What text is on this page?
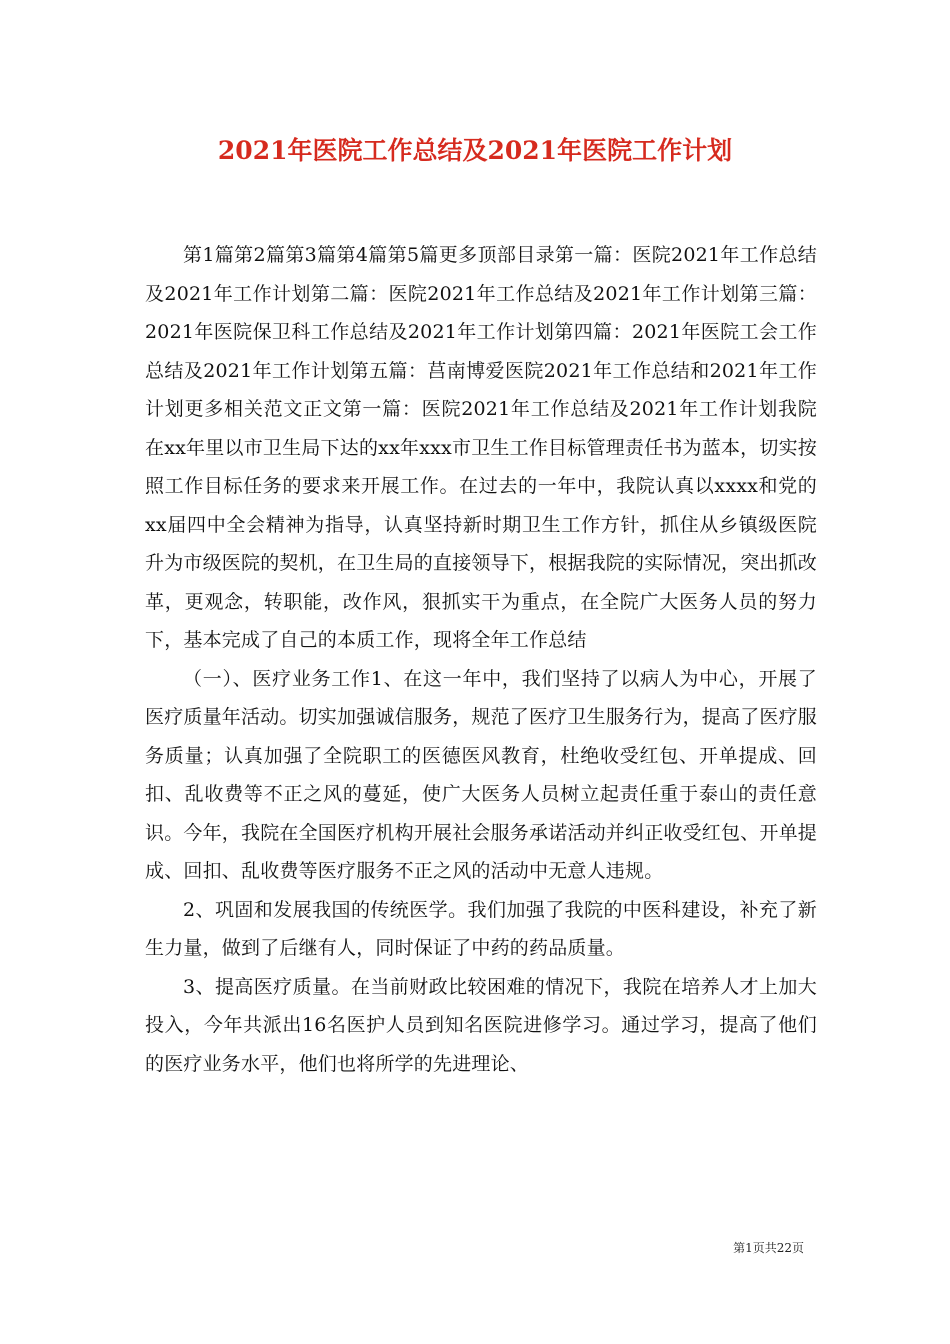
2021年医院工作总结及2021年医院工作计划

第1篇第2篇第3篇第4篇第5篇更多顶部目录第一篇：医院2021年工作总结及2021年工作计划第二篇：医院2021年工作总结及2021年工作计划第三篇：2021年医院保卫科工作总结及2021年工作计划第四篇：2021年医院工会工作总结及2021年工作计划第五篇：莒南博爱医院2021年工作总结和2021年工作计划更多相关范文正文第一篇：医院2021年工作总结及2021年工作计划我院在xx年里以市卫生局下达的xx年xxx市卫生工作目标管理责任书为蓝本，切实按照工作目标任务的要求来开展工作。在过去的一年中，我院认真以xxxx和党的xx届四中全会精神为指导，认真坚持新时期卫生工作方针，抓住从乡镇级医院升为市级医院的契机，在卫生局的直接领导下，根据我院的实际情况，突出抓改革，更观念，转职能，改作风，狠抓实干为重点，在全院广大医务人员的努力下，基本完成了自己的本质工作，现将全年工作总结

（一）、医疗业务工作1、在这一年中，我们坚持了以病人为中心，开展了医疗质量年活动。切实加强诚信服务，规范了医疗卫生服务行为，提高了医疗服务质量；认真加强了全院职工的医德医风教育，杜绝收受红包、开单提成、回扣、乱收费等不正之风的蔓延，使广大医务人员树立起责任重于泰山的责任意识。今年，我院在全国医疗机构开展社会服务承诺活动并纠正收受红包、开单提成、回扣、乱收费等医疗服务不正之风的活动中无意人违规。

2、巩固和发展我国的传统医学。我们加强了我院的中医科建设，补充了新生力量，做到了后继有人，同时保证了中药的药品质量。

3、提高医疗质量。在当前财政比较困难的情况下，我院在培养人才上加大投入，今年共派出16名医护人员到知名医院进修学习。通过学习，提高了他们的医疗业务水平，他们也将所学的先进理论、

第1页共22页
